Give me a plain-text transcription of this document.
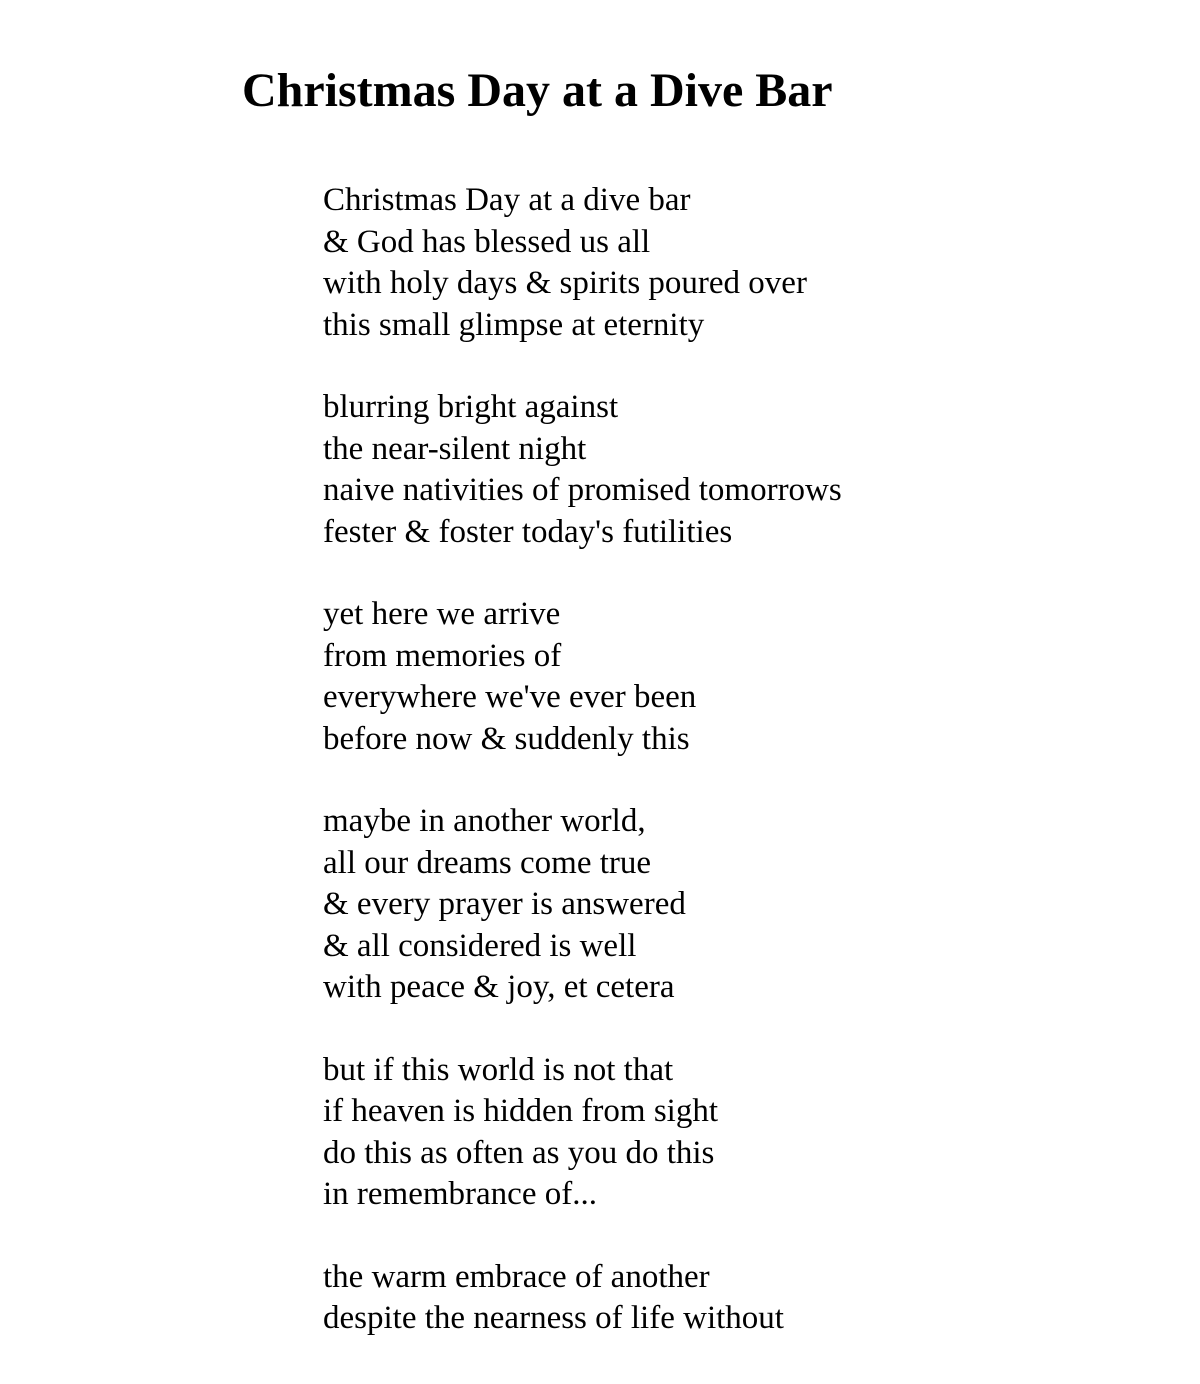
Christmas Day at a Dive Bar
Christmas Day at a dive bar
& God has blessed us all
with holy days & spirits poured over
this small glimpse at eternity
blurring bright against
the near-silent night
naive nativities of promised tomorrows
fester & foster today's futilities
yet here we arrive
from memories of
everywhere we've ever been
before now & suddenly this
maybe in another world,
all our dreams come true
& every prayer is answered
& all considered is well
with peace & joy, et cetera
but if this world is not that
if heaven is hidden from sight
do this as often as you do this
in remembrance of...
the warm embrace of another
despite the nearness of life without
